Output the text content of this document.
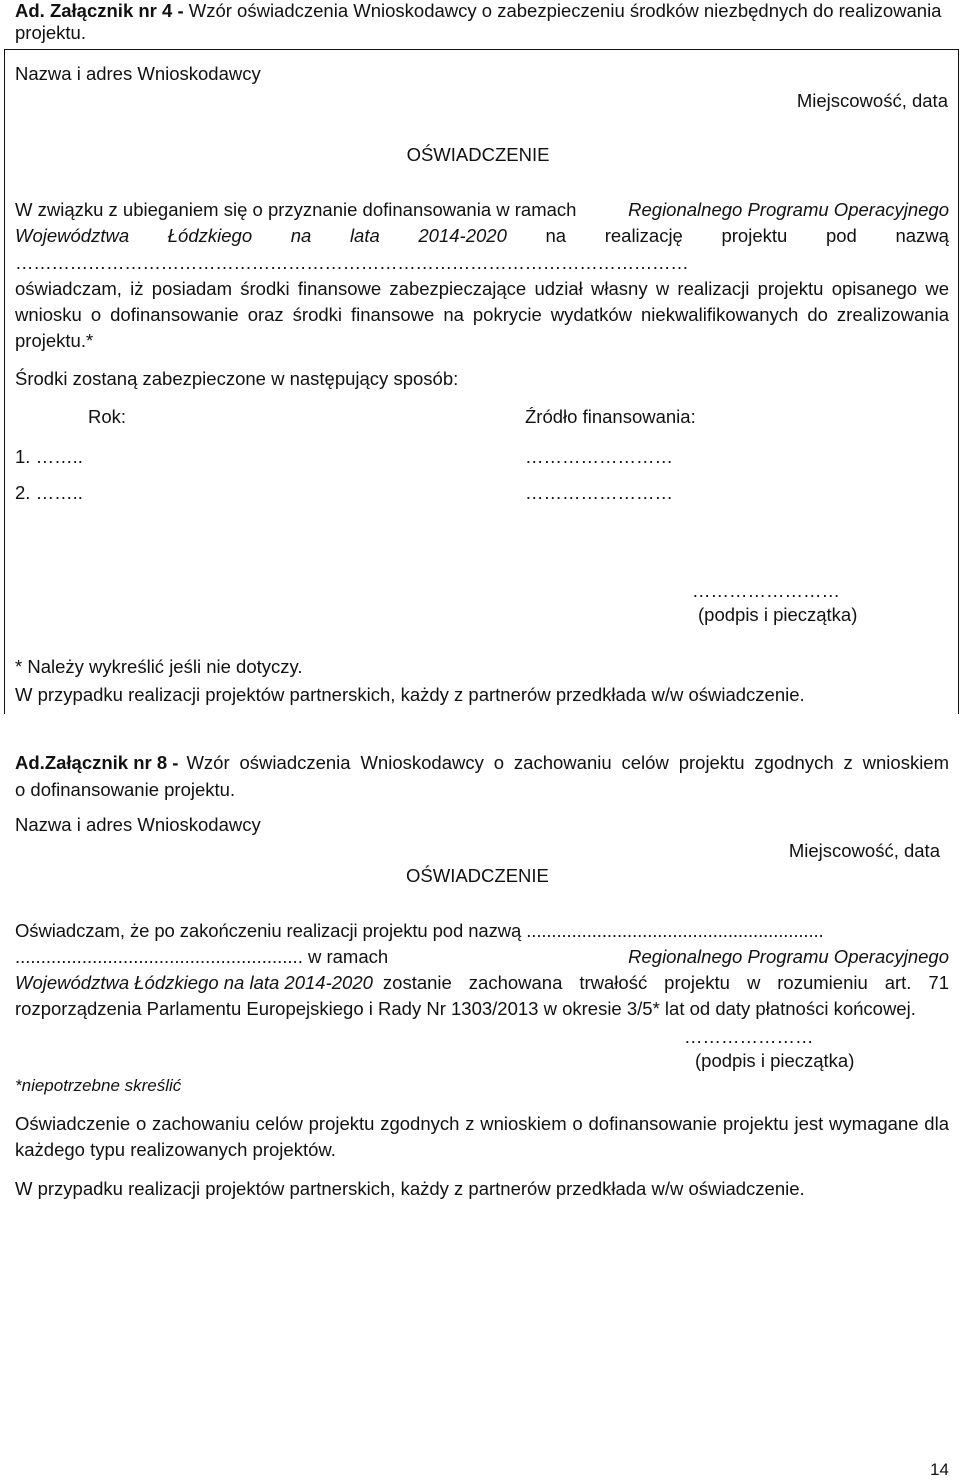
Ad. Załącznik nr 4 - Wzór oświadczenia Wnioskodawcy o zabezpieczeniu środków niezbędnych do realizowania
projektu.
Nazwa i adres Wnioskodawcy
Miejscowość, data
OŚWIADCZENIE
W związku z ubieganiem się o przyznanie dofinansowania w ramach	Regionalnego Programu Operacyjnego
Województwa Łódzkiego na lata 2014-2020 na realizację projektu pod nazwą
…………………………………………………………………………………………………
oświadczam, iż posiadam środki finansowe zabezpieczające udział własny w realizacji projektu opisanego we
wniosku o dofinansowanie oraz środki finansowe na pokrycie wydatków niekwalifikowanych do zrealizowania
projektu.*
Środki zostaną zabezpieczone w następujący sposób:
Rok:	Źródło finansowania:
1. ……..	……………………
2. ……..	……………………
……………………
(podpis i pieczątka)
* Należy wykreślić jeśli nie dotyczy.
W przypadku realizacji projektów partnerskich, każdy z partnerów przedkłada w/w oświadczenie.
Ad. Załącznik nr 8 - Wzór oświadczenia Wnioskodawcy o zachowaniu celów projektu zgodnych z wnioskiem
o dofinansowanie projektu.
Nazwa i adres Wnioskodawcy
Miejscowość, data
OŚWIADCZENIE
Oświadczam, że po zakończeniu realizacji projektu pod nazwą ...........................................................
........................................................ w ramach	Regionalnego Programu Operacyjnego
Województwa Łódzkiego na lata 2014-2020 zostanie zachowana trwałość projektu w rozumieniu art. 71
rozporządzenia Parlamentu Europejskiego i Rady Nr 1303/2013 w okresie 3/5* lat od daty płatności końcowej.
…………………
(podpis i pieczątka)
*niepotrzebne skreślić
Oświadczenie o zachowaniu celów projektu zgodnych z wnioskiem o dofinansowanie projektu jest wymagane dla
każdego typu realizowanych projektów.
W przypadku realizacji projektów partnerskich, każdy z partnerów przedkłada w/w oświadczenie.
14
